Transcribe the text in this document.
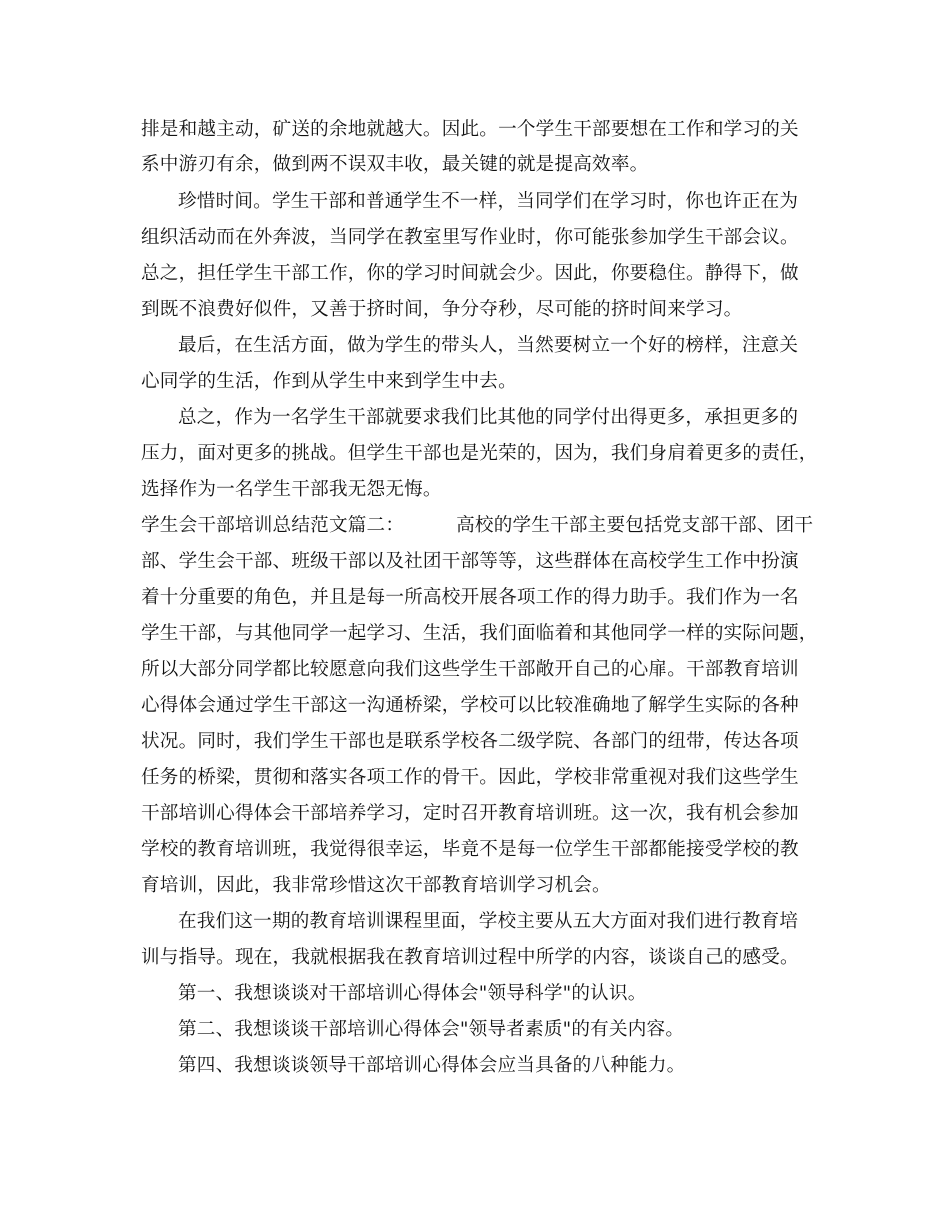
排是和越主动，矿送的余地就越大。因此。一个学生干部要想在工作和学习的关
系中游刃有余，做到两不误双丰收，最关键的就是提高效率。
珍惜时间。学生干部和普通学生不一样，当同学们在学习时，你也许正在为
组织活动而在外奔波，当同学在教室里写作业时，你可能张参加学生干部会议。
总之，担任学生干部工作，你的学习时间就会少。因此，你要稳住。静得下，做
到既不浪费好似件，又善于挤时间，争分夺秒，尽可能的挤时间来学习。
最后，在生活方面，做为学生的带头人，当然要树立一个好的榜样，注意关
心同学的生活，作到从学生中来到学生中去。
总之，作为一名学生干部就要求我们比其他的同学付出得更多，承担更多的
压力，面对更多的挑战。但学生干部也是光荣的，因为，我们身肩着更多的责任，
选择作为一名学生干部我无怨无悔。
学生会干部培训总结范文篇二：	高校的学生干部主要包括党支部干部、团干
部、学生会干部、班级干部以及社团干部等等，这些群体在高校学生工作中扮演
着十分重要的角色，并且是每一所高校开展各项工作的得力助手。我们作为一名
学生干部，与其他同学一起学习、生活，我们面临着和其他同学一样的实际问题，
所以大部分同学都比较愿意向我们这些学生干部敞开自己的心扉。干部教育培训
心得体会通过学生干部这一沟通桥梁，学校可以比较准确地了解学生实际的各种
状况。同时，我们学生干部也是联系学校各二级学院、各部门的纽带，传达各项
任务的桥梁，贯彻和落实各项工作的骨干。因此，学校非常重视对我们这些学生
干部培训心得体会干部培养学习，定时召开教育培训班。这一次，我有机会参加
学校的教育培训班，我觉得很幸运，毕竟不是每一位学生干部都能接受学校的教
育培训，因此，我非常珍惜这次干部教育培训学习机会。
在我们这一期的教育培训课程里面，学校主要从五大方面对我们进行教育培
训与指导。现在，我就根据我在教育培训过程中所学的内容，谈谈自己的感受。
第一、我想谈谈对干部培训心得体会"领导科学"的认识。
第二、我想谈谈干部培训心得体会"领导者素质"的有关内容。
第四、我想谈谈领导干部培训心得体会应当具备的八种能力。
